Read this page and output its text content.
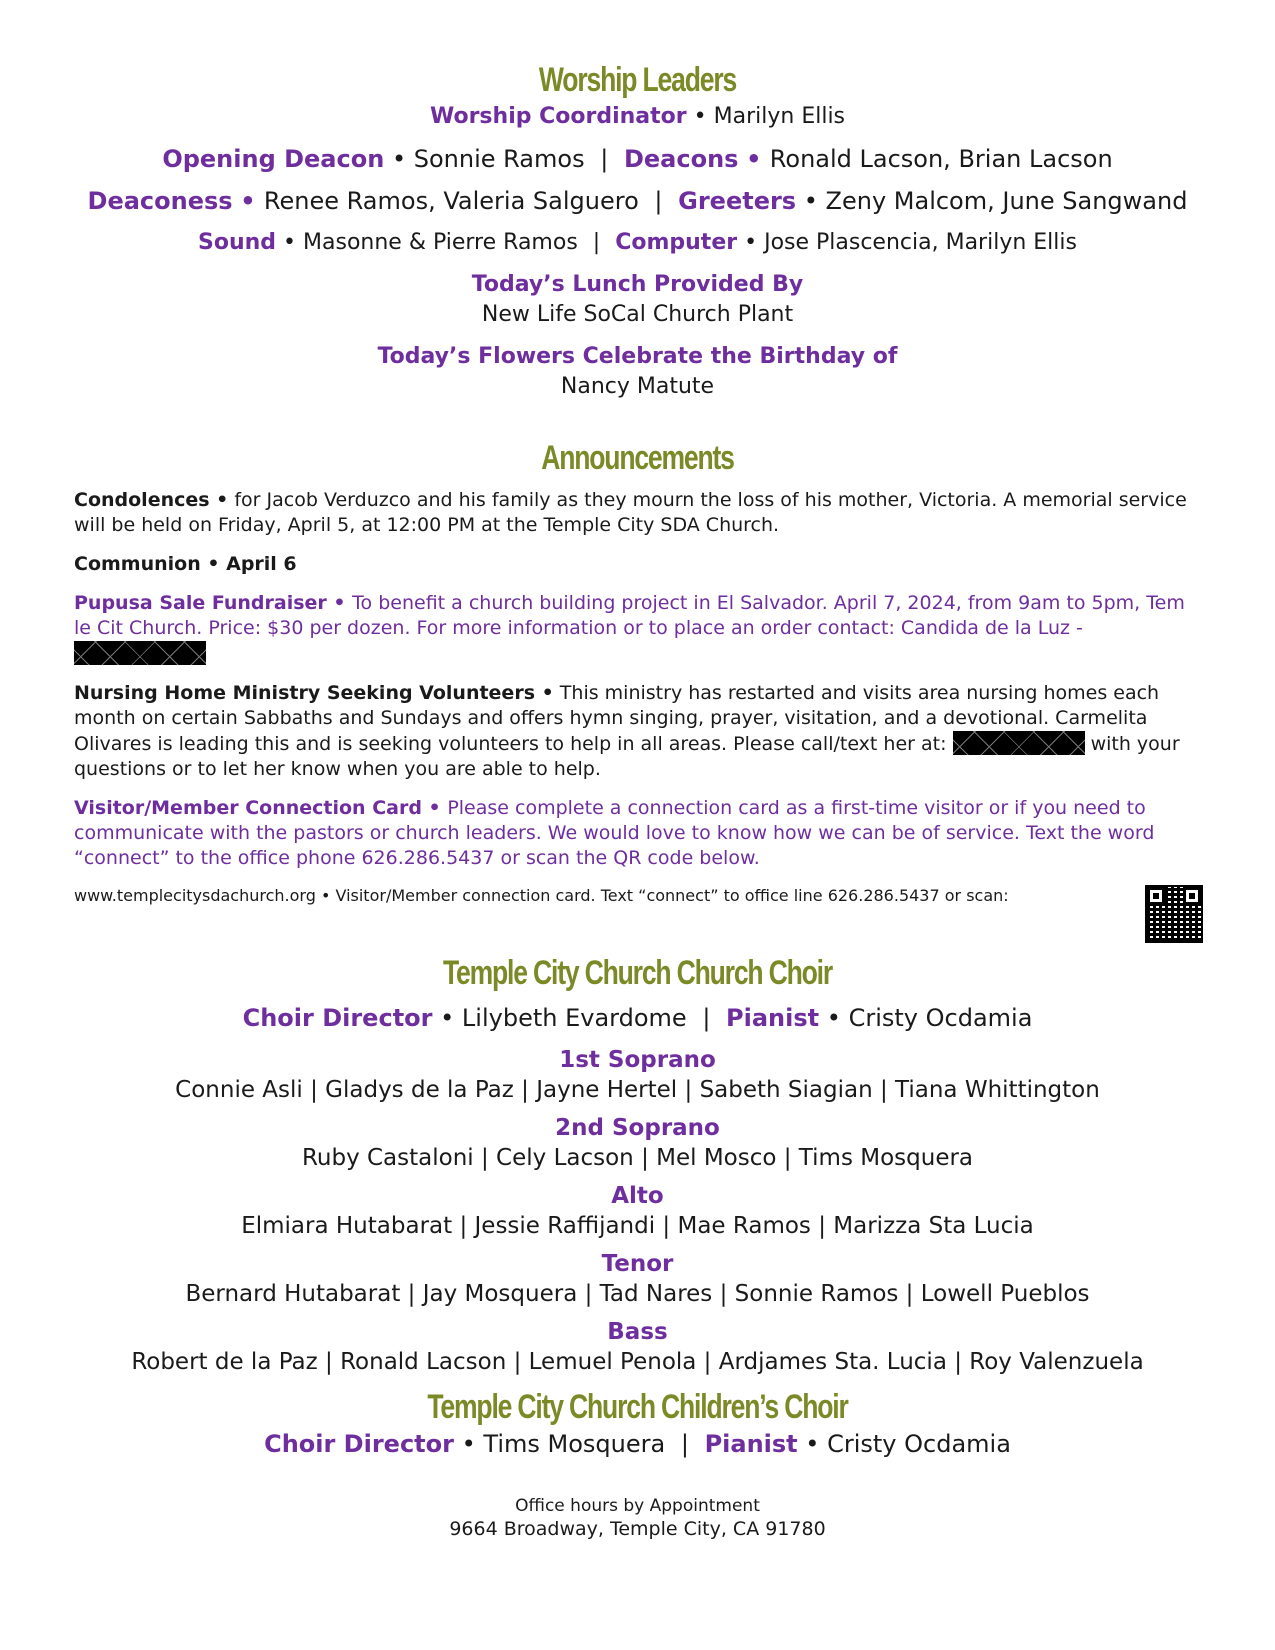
Worship Leaders

Worship Coordinator • Marilyn Ellis

Opening Deacon • Sonnie Ramos | Deacons • Ronald Lacson, Brian Lacson

Deaconess • Renee Ramos, Valeria Salguero | Greeters • Zeny Malcom, June Sangwand

Sound • Masonne & Pierre Ramos | Computer • Jose Plascencia, Marilyn Ellis

Today’s Lunch Provided By

New Life SoCal Church Plant

Today’s Flowers Celebrate the Birthday of

Nancy Matute

Announcements

Condolences • for Jacob Verduzco and his family as they mourn the loss of his mother, Victoria. A memorial service will be held on Friday, April 5, at 12:00 PM at the Temple City SDA Church.

Communion • April 6

Pupusa Sale Fundraiser • To benefit a church building project in El Salvador. April 7, 2024, from 9am to 5pm, Tem le Cit Church. Price: $30 per dozen. For more information or to place an order contact: Candida de la Luz -

Nursing Home Ministry Seeking Volunteers • This ministry has restarted and visits area nursing homes each month on certain Sabbaths and Sundays and offers hymn singing, prayer, visitation, and a devotional. Carmelita Olivares is leading this and is seeking volunteers to help in all areas. Please call/text her at:	with your questions or to let her know when you are able to help.

Visitor/Member Connection Card • Please complete a connection card as a first-time visitor or if you need to communicate with the pastors or church leaders. We would love to know how we can be of service. Text the word “connect” to the office phone 626.286.5437 or scan the QR code below.

www.templecitysdachurch.org • Visitor/Member connection card. Text “connect” to office line 626.286.5437 or scan:
Temple City Church Church Choir

Choir Director • Lilybeth Evardome | Pianist • Cristy Ocdamia

1st Soprano

Connie Asli | Gladys de la Paz | Jayne Hertel | Sabeth Siagian | Tiana Whittington

2nd Soprano

Ruby Castaloni | Cely Lacson | Mel Mosco | Tims Mosquera

Alto

Elmiara Hutabarat | Jessie Raffijandi | Mae Ramos | Marizza Sta Lucia

Tenor

Bernard Hutabarat | Jay Mosquera | Tad Nares | Sonnie Ramos | Lowell Pueblos

Bass

Robert de la Paz | Ronald Lacson | Lemuel Penola | Ardjames Sta. Lucia | Roy Valenzuela

Temple City Church Children’s Choir

Choir Director • Tims Mosquera | Pianist • Cristy Ocdamia

Office hours by Appointment

9664 Broadway, Temple City, CA 91780
